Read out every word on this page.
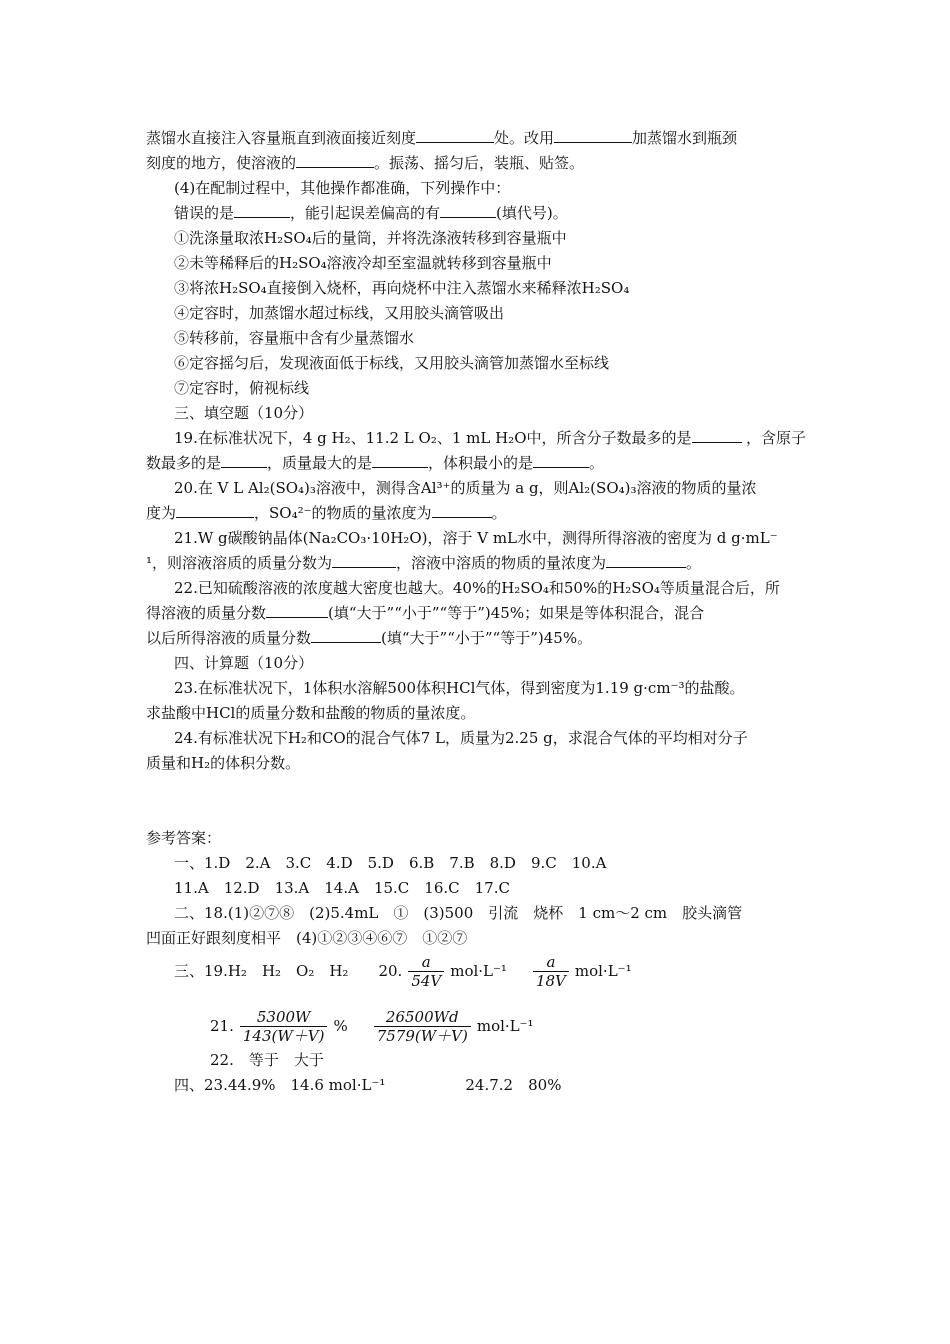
蒸馏水直接注入容量瓶直到液面接近刻度	处。改用	加蒸馏水到瓶颈
刻度的地方，使溶液的	。振荡、摇匀后，装瓶、贴签。
(4)在配制过程中，其他操作都准确，下列操作中：
错误的是	，能引起误差偏高的有	(填代号)。
①洗涤量取浓H₂SO₄后的量筒，并将洗涤液转移到容量瓶中
②未等稀释后的H₂SO₄溶液冷却至室温就转移到容量瓶中
③将浓H₂SO₄直接倒入烧杯，再向烧杯中注入蒸馏水来稀释浓H₂SO₄
④定容时，加蒸馏水超过标线，又用胶头滴管吸出
⑤转移前，容量瓶中含有少量蒸馏水
⑥定容摇匀后，发现液面低于标线，又用胶头滴管加蒸馏水至标线
⑦定容时，俯视标线
三、填空题（10分）
19.在标准状况下，4 g H₂、11.2 L O₂、1 mL H₂O中，所含分子数最多的是	，含原子
数最多的是	，质量最大的是	，体积最小的是	。
20.在 V L Al₂(SO₄)₃溶液中，测得含Al³⁺的质量为 a g，则Al₂(SO₄)₃溶液的物质的量浓
度为	，SO₄²⁻的物质的量浓度为	。
21.W g碳酸钠晶体(Na₂CO₃·10H₂O)，溶于 V mL水中，测得所得溶液的密度为 d g·mL⁻
¹，则溶液溶质的质量分数为	，溶液中溶质的物质的量浓度为	。
22.已知硫酸溶液的浓度越大密度也越大。40%的H₂SO₄和50%的H₂SO₄等质量混合后，所
得溶液的质量分数	(填“大于”“小于”“等于”)45%；如果是等体积混合，混合
以后所得溶液的质量分数	(填“大于”“小于”“等于”)45%。
四、计算题（10分）
23.在标准状况下，1体积水溶解500体积HCl气体，得到密度为1.19 g·cm⁻³的盐酸。
求盐酸中HCl的质量分数和盐酸的物质的量浓度。
24.有标准状况下H₂和CO的混合气体7 L，质量为2.25 g，求混合气体的平均相对分子
质量和H₂的体积分数。
参考答案：
一、1.D　2.A　3.C　4.D　5.D　6.B　7.B　8.D　9.C　10.A
11.A　12.D　13.A　14.A　15.C　16.C　17.C
二、18.(1)②⑦⑧　(2)5.4mL　①　(3)500　引流　烧杯　1 cm～2 cm　胶头滴管
凹面正好跟刻度相平　(4)①②③④⑥⑦　①②⑦
三、19.H₂　H₂　O₂　H₂　　20. $\frac{a}{54V} mol\cdot L^{-1} \frac{a}{18V} mol\cdot L^{-1}$
21. $\frac{5300W}{143(W+V)}$ % $\frac{26500Wd}{7579(W+V)} mol\cdot L^{-1}$
22.　等于　大于
四、23.44.9%　14.6 mol·L⁻¹	24.7.2　80%
